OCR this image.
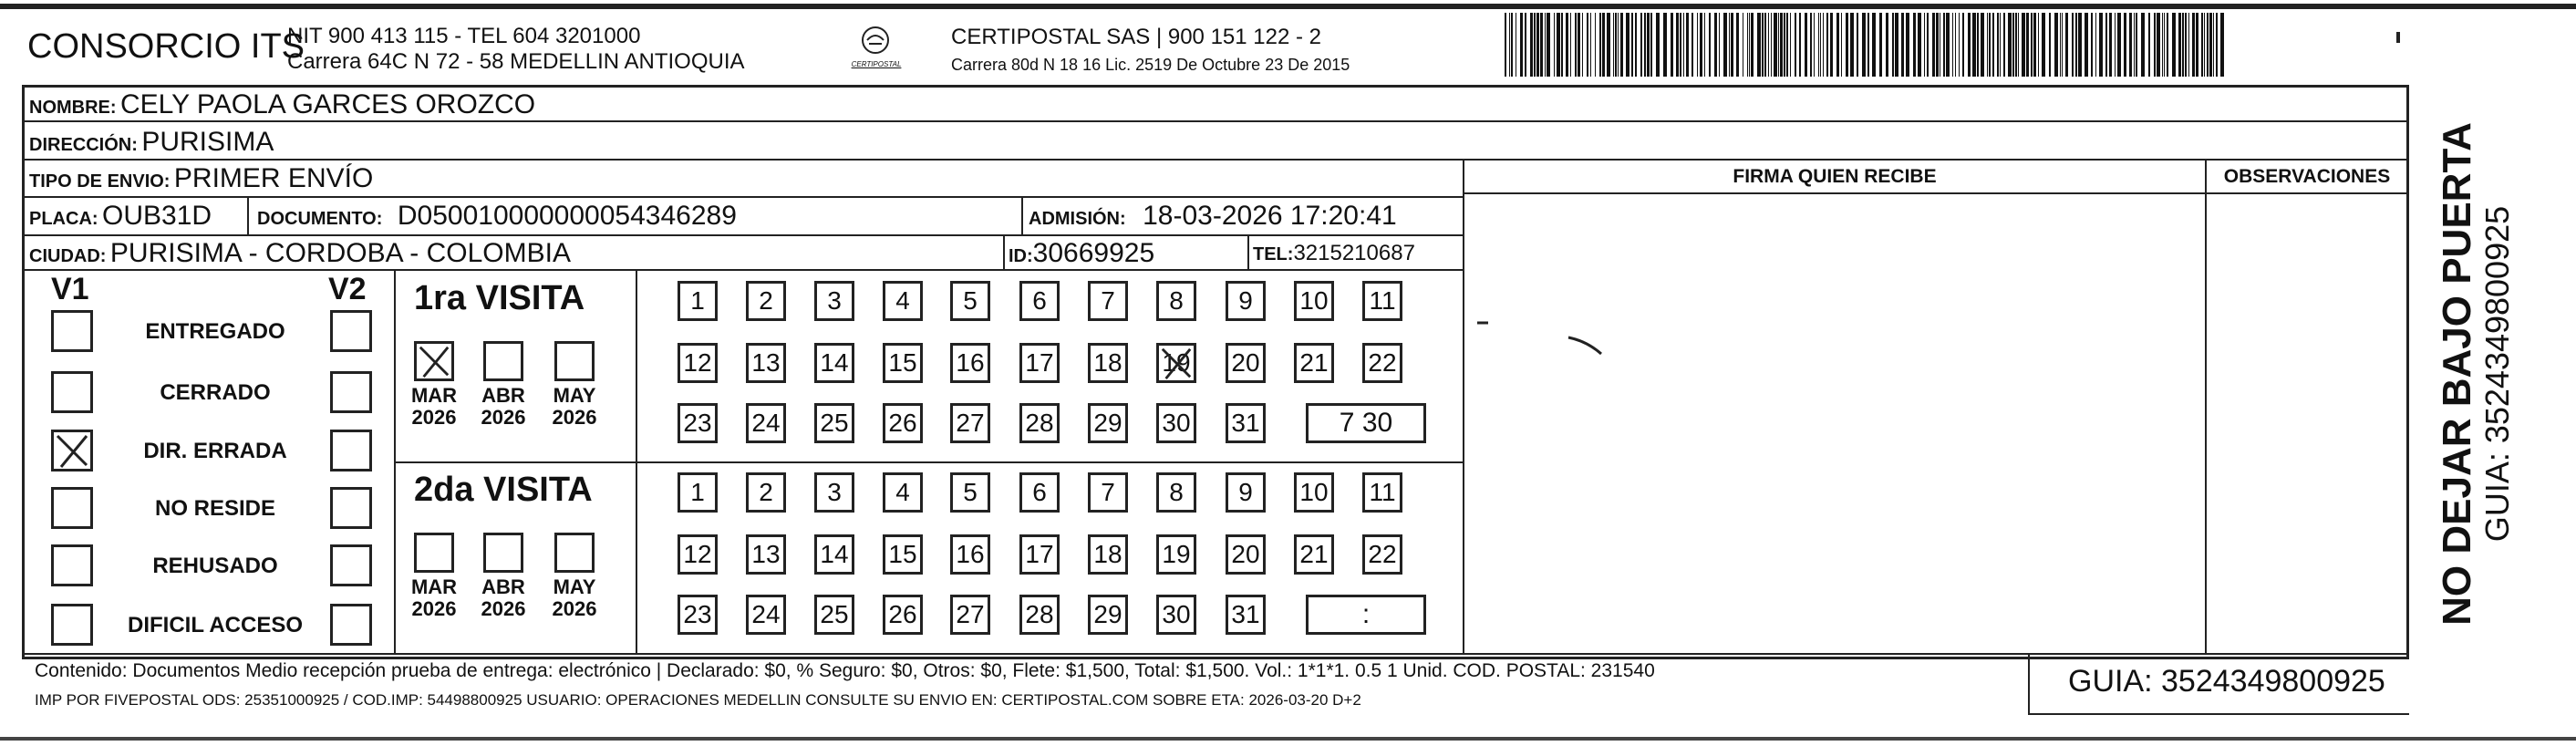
CONSORCIO ITS
NIT 900 413 115 - TEL 604 3201000
Carrera 64C N 72 - 58 MEDELLIN ANTIOQUIA	CERTIPOSTAL
CERTIPOSTAL SAS | 900 151 122 - 2
Carrera 80d N 18 16 Lic. 2519 De Octubre 23 De 2015
NOMBRE: CELY PAOLA GARCES OROZCO
DIRECCIÓN: PURISIMA
TIPO DE ENVIO: PRIMER ENVÍO
PLACA: OUB31D DOCUMENTO: D050010000000054346289	ADMISIÓN: 18-03-2026 17:20:41
CIUDAD: PURISIMA - CORDOBA - COLOMBIA	ID:30669925	TEL:3215210687
FIRMA QUIEN RECIBE	OBSERVACIONES
V1	V2
ENTREGADO
CERRADO
DIR. ERRADA
NO RESIDE
REHUSADO
DIFICIL ACCESO
1ra VISITA
MAR
2026
ABR
2026
MAY
2026
1	2	3	4	5	6	7	8	9	10 11
12 13 14 15 16 17 18 19 20 21 22
23 24 25 26 27 28 29 30 31	7 30
2da VISITA
MAR
2026
ABR
2026
MAY
2026
1	2	3	4	5	6	7	8	9	10 11
12 13 14 15 16 17 18 19 20 21 22
23 24 25 26 27 28 29 30 31	:
Contenido: Documentos Medio recepción prueba de entrega: electrónico | Declarado: $0, % Seguro: $0, Otros: $0, Flete: $1,500, Total: $1,500. Vol.: 1*1*1. 0.5 1 Unid. COD. POSTAL: 231540
IMP POR FIVEPOSTAL ODS: 25351000925 / COD.IMP: 54498800925 USUARIO: OPERACIONES MEDELLIN CONSULTE SU ENVIO EN: CERTIPOSTAL.COM SOBRE ETA: 2026-03-20 D+2
GUIA: 3524349800925
NO DEJAR BAJO PUERTA GUIA: 3524349800925
